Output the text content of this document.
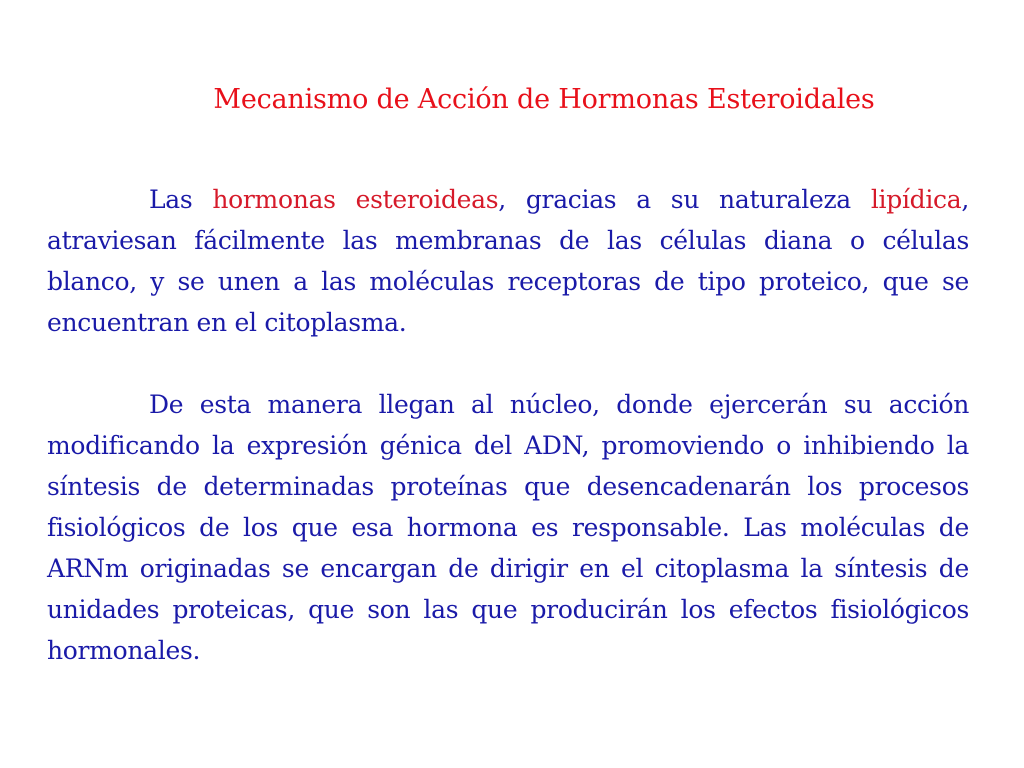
Mecanismo de Acción de Hormonas Esteroidales

Las hormonas esteroideas, gracias a su naturaleza lipídica, atraviesan fácilmente las membranas de las células diana o células blanco, y se unen a las moléculas receptoras de tipo proteico, que se encuentran en el citoplasma.

De esta manera llegan al núcleo, donde ejercerán su acción modificando la expresión génica del ADN, promoviendo o inhibiendo la síntesis de determinadas proteínas que desencadenarán los procesos fisiológicos de los que esa hormona es responsable. Las moléculas de ARNm originadas se encargan de dirigir en el citoplasma la síntesis de unidades proteicas, que son las que producirán los efectos fisiológicos hormonales.
